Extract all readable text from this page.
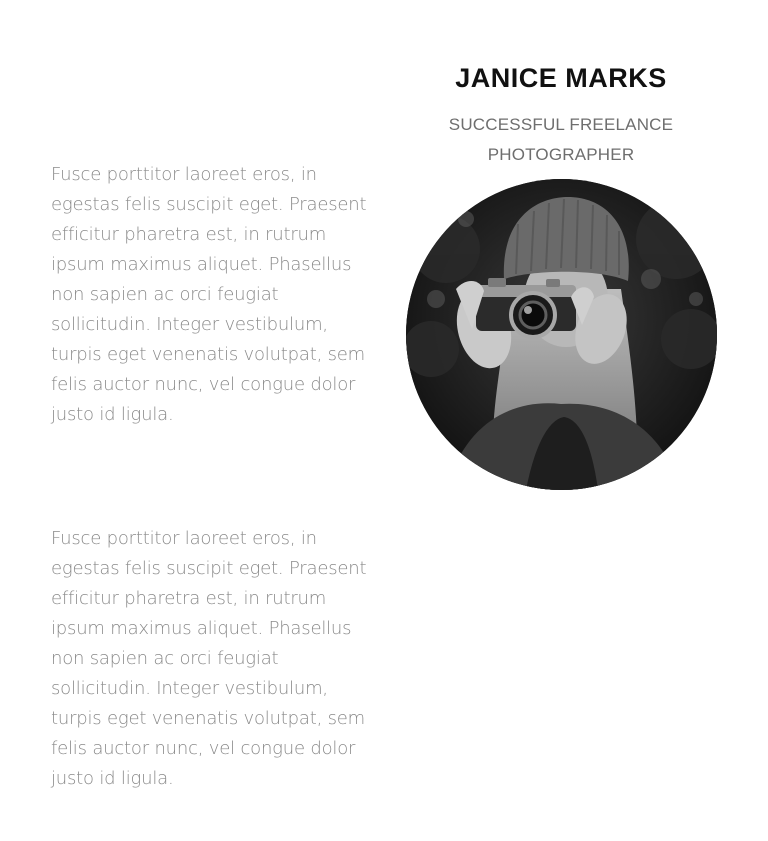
Fusce porttitor laoreet eros, in egestas felis suscipit eget. Praesent efficitur pharetra est, in rutrum ipsum maximus aliquet. Phasellus non sapien ac orci feugiat sollicitudin. Integer vestibulum, turpis eget venenatis volutpat, sem felis auctor nunc, vel congue dolor justo id ligula.

Fusce porttitor laoreet eros, in egestas felis suscipit eget. Praesent efficitur pharetra est, in rutrum ipsum maximus aliquet. Phasellus non sapien ac orci feugiat sollicitudin. Integer vestibulum, turpis eget venenatis volutpat, sem felis auctor nunc, vel congue dolor justo id ligula.

JANICE MARKS

SUCCESSFUL FREELANCE PHOTOGRAPHER
